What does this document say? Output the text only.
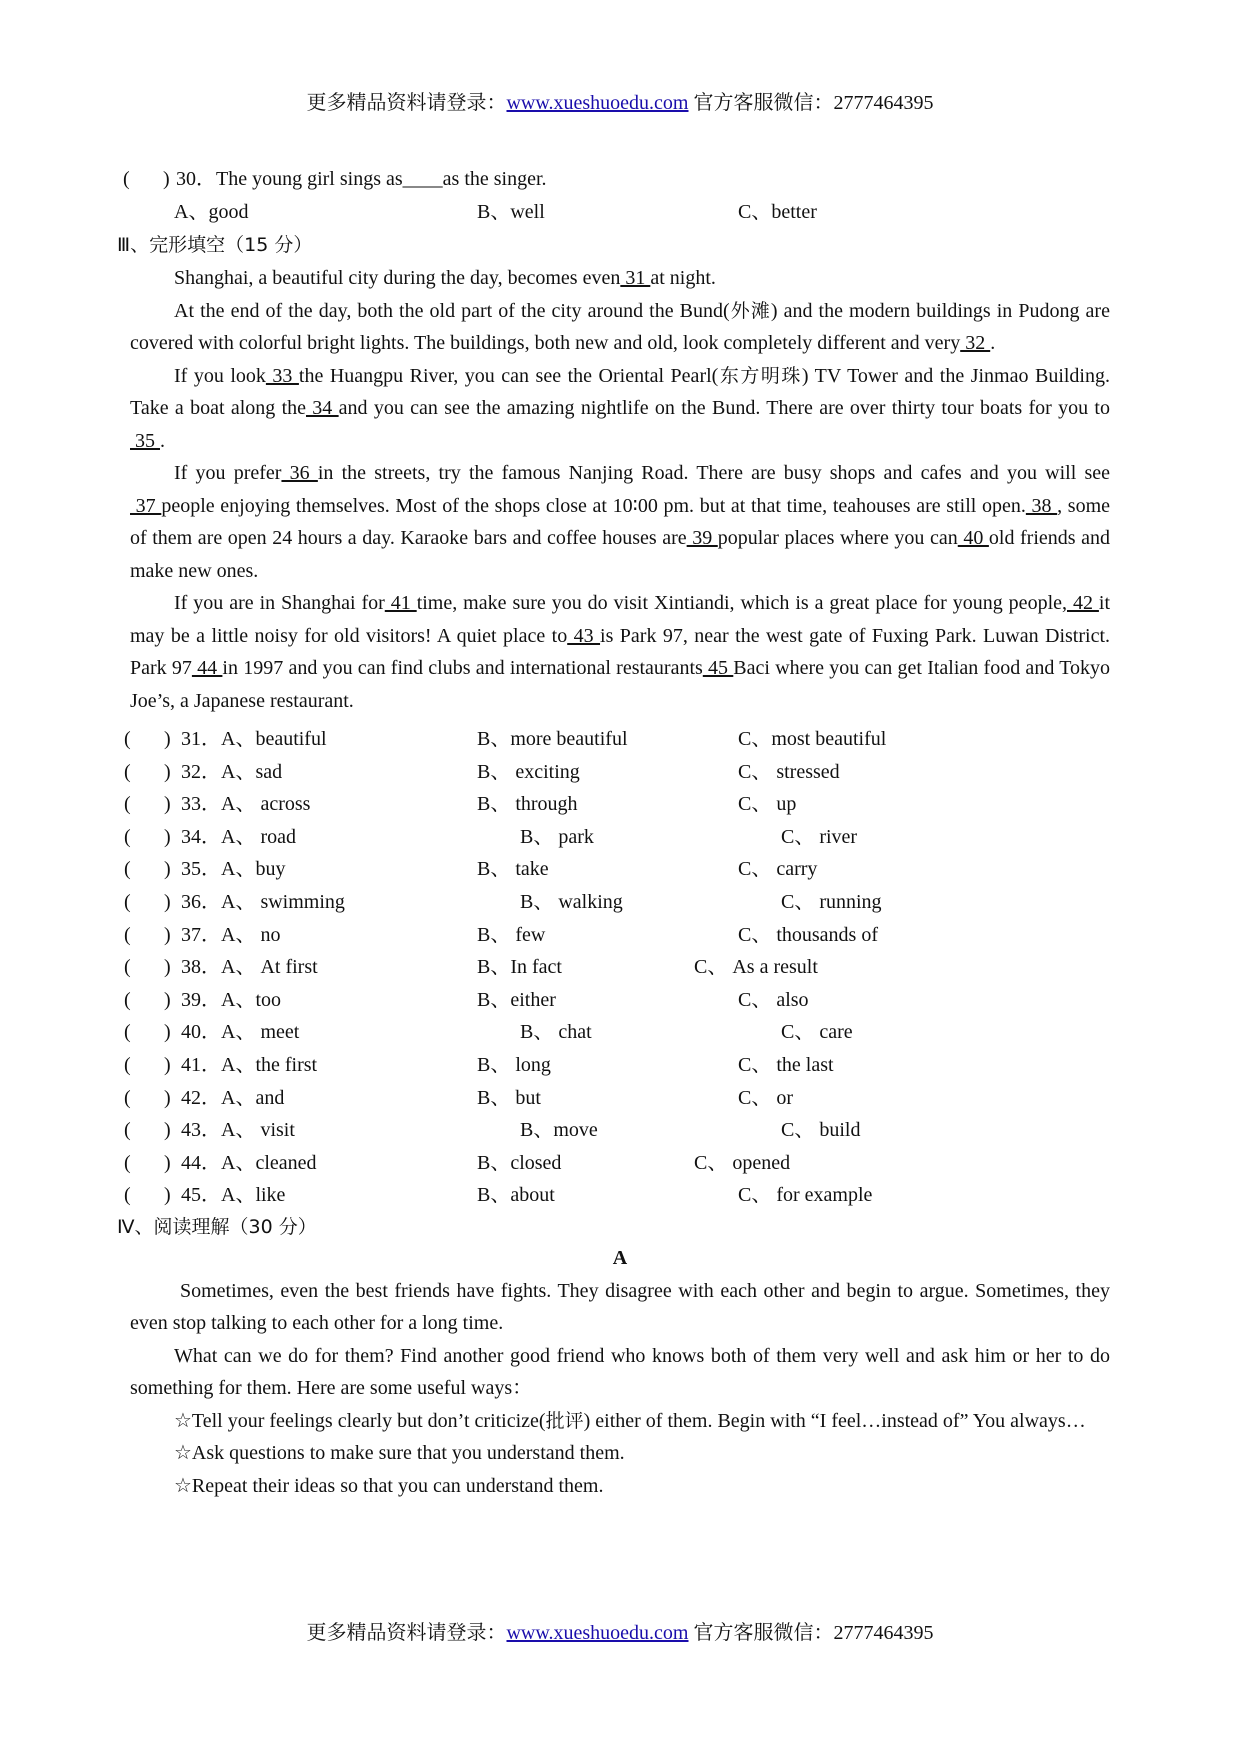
更多精品资料请登录：www.xueshuoedu.com 官方客服微信：2777464395
( ) 30．The young girl sings as____as the singer.
A、good	B、well	C、better
Ⅲ、完形填空（15 分）

Shanghai, a beautiful city during the day, becomes even 31 at night.

At the end of the day, both the old part of the city around the Bund(外滩) and the modern buildings in Pudong are covered with colorful bright lights. The buildings, both new and old, look completely different and very 32 .

If you look 33 the Huangpu River, you can see the Oriental Pearl(东方明珠) TV Tower and the Jinmao Building. Take a boat along the 34 and you can see the amazing nightlife on the Bund. There are over thirty tour boats for you to 35 .

If you prefer 36 in the streets, try the famous Nanjing Road. There are busy shops and cafes and you will see 37 people enjoying themselves. Most of the shops close at 10∶00 pm. but at that time, teahouses are still open. 38 , some of them are open 24 hours a day. Karaoke bars and coffee houses are 39 popular places where you can 40 old friends and make new ones.

If you are in Shanghai for 41 time, make sure you do visit Xintiandi, which is a great place for young people, 42 it may be a little noisy for old visitors! A quiet place to 43 is Park 97, near the west gate of Fuxing Park. Luwan District. Park 97 44 in 1997 and you can find clubs and international restaurants 45 Baci where you can get Italian food and Tokyo Joe’s, a Japanese restaurant.

( ) 31．A、beautiful	B、more beautiful	C、most beautiful
( ) 32．A、sad	B、 exciting	C、 stressed
( ) 33．A、 across	B、 through	C、 up
( ) 34．A、 road	B、 park	C、 river
( ) 35．A、buy	B、 take	C、 carry
( ) 36．A、 swimming	B、 walking	C、 running
( ) 37．A、 no	B、 few	C、 thousands of
( ) 38．A、 At first	B、In fact	C、 As a result
( ) 39．A、too	B、either	C、 also
( ) 40．A、 meet	B、 chat	C、 care
( ) 41．A、the first	B、 long	C、 the last
( ) 42．A、and	B、 but	C、 or
( ) 43．A、 visit	B、move	C、 build
( ) 44．A、cleaned	B、closed	C、 opened
( ) 45．A、like	B、about	C、 for example
Ⅳ、阅读理解（30 分）
A

Sometimes, even the best friends have fights. They disagree with each other and begin to argue. Sometimes, they even stop talking to each other for a long time.

What can we do for them? Find another good friend who knows both of them very well and ask him or her to do something for them. Here are some useful ways：

☆Tell your feelings clearly but don’t criticize(批评) either of them. Begin with “I feel…instead of” You always…

☆Ask questions to make sure that you understand them.
☆Repeat their ideas so that you can understand them.
更多精品资料请登录：www.xueshuoedu.com 官方客服微信：2777464395
